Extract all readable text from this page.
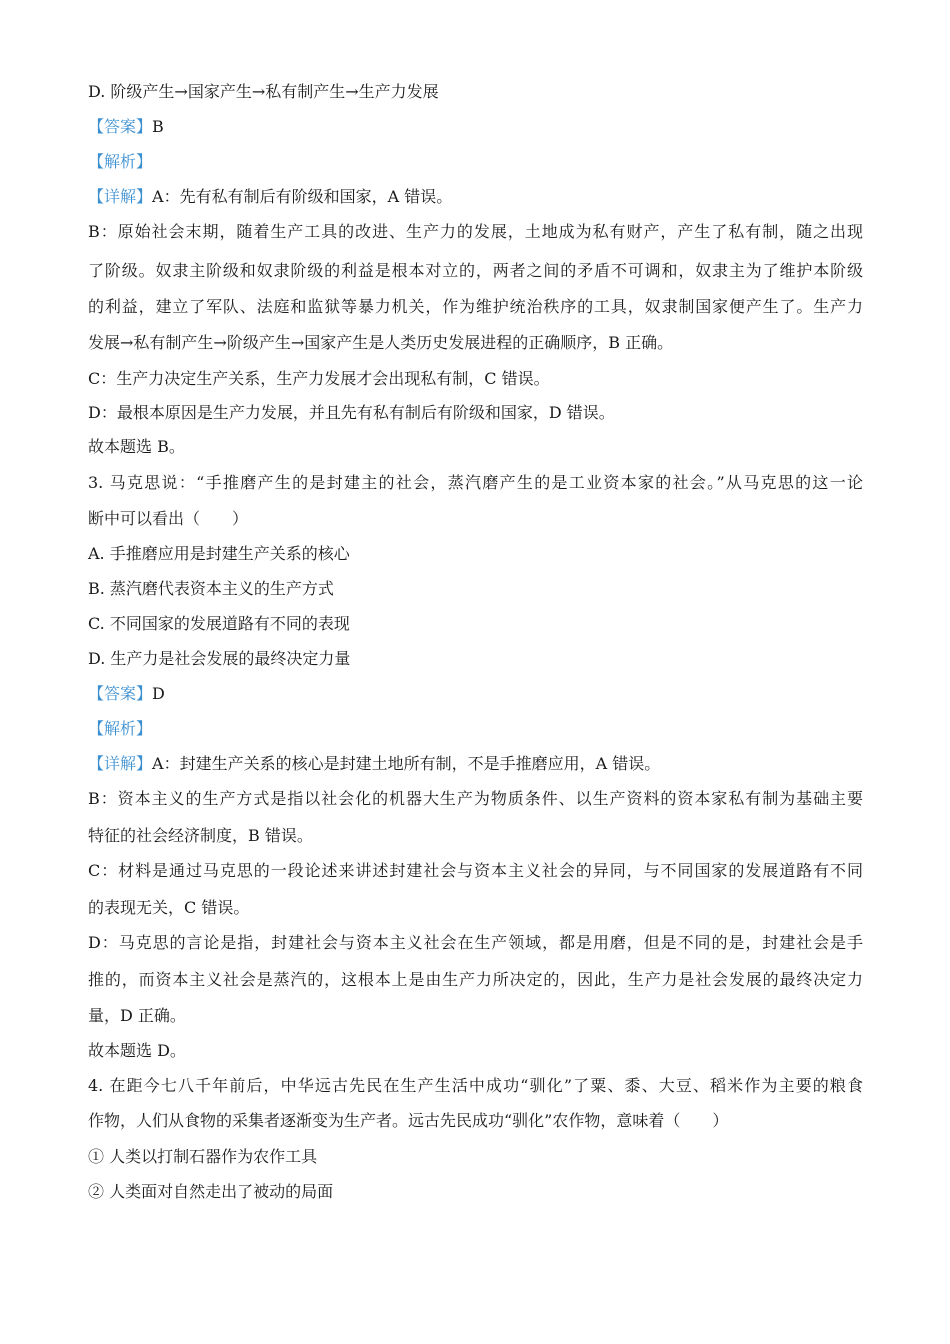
D. 阶级产生→国家产生→私有制产生→生产力发展
【答案】B
【解析】
【详解】A：先有私有制后有阶级和国家，A 错误。
B：原始社会末期，随着生产工具的改进、生产力的发展，土地成为私有财产，产生了私有制，随之出现
了阶级。奴隶主阶级和奴隶阶级的利益是根本对立的，两者之间的矛盾不可调和，奴隶主为了维护本阶级
的利益，建立了军队、法庭和监狱等暴力机关，作为维护统治秩序的工具，奴隶制国家便产生了。生产力
发展→私有制产生→阶级产生→国家产生是人类历史发展进程的正确顺序，B 正确。
C：生产力决定生产关系，生产力发展才会出现私有制，C 错误。
D：最根本原因是生产力发展，并且先有私有制后有阶级和国家，D 错误。
故本题选 B。
3. 马克思说：“手推磨产生的是封建主的社会，蒸汽磨产生的是工业资本家的社会。”从马克思的这一论
断中可以看出（　　）
A. 手推磨应用是封建生产关系的核心
B. 蒸汽磨代表资本主义的生产方式
C. 不同国家的发展道路有不同的表现
D. 生产力是社会发展的最终决定力量
【答案】D
【解析】
【详解】A：封建生产关系的核心是封建土地所有制，不是手推磨应用，A 错误。
B：资本主义的生产方式是指以社会化的机器大生产为物质条件、以生产资料的资本家私有制为基础主要
特征的社会经济制度，B 错误。
C：材料是通过马克思的一段论述来讲述封建社会与资本主义社会的异同，与不同国家的发展道路有不同
的表现无关，C 错误。
D：马克思的言论是指，封建社会与资本主义社会在生产领域，都是用磨，但是不同的是，封建社会是手
推的，而资本主义社会是蒸汽的，这根本上是由生产力所决定的，因此，生产力是社会发展的最终决定力
量，D 正确。
故本题选 D。
4. 在距今七八千年前后，中华远古先民在生产生活中成功“驯化”了粟、黍、大豆、稻米作为主要的粮食
作物，人们从食物的采集者逐渐变为生产者。远古先民成功“驯化”农作物，意味着（　　）
① 人类以打制石器作为农作工具
② 人类面对自然走出了被动的局面
